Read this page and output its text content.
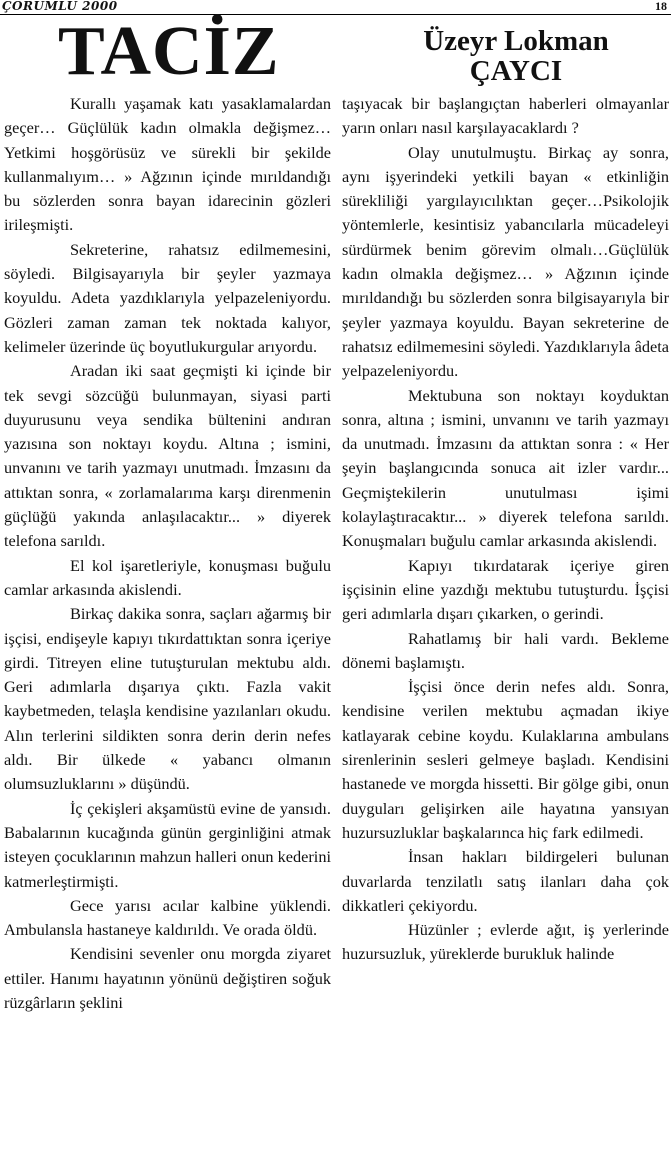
ÇORUMLU 2000	18
TACİZ	Üzeyr Lokman
ÇAYCI

Kurallı yaşamak katı yasaklamalardan geçer… Güçlülük kadın olmakla değişmez… Yetkimi hoşgörüsüz ve sürekli bir şekilde kullanmalıyım… » Ağzının içinde mırıldandığı bu sözlerden sonra bayan idarecinin gözleri irileşmişti.

Sekreterine, rahatsız edilmemesini, söyledi. Bilgisayarıyla bir şeyler yazmaya koyuldu. Adeta yazdıklarıyla yelpazeleniyordu. Gözleri zaman zaman tek noktada kalıyor, kelimeler üzerinde üç boyutlukurgular arıyordu.

Aradan iki saat geçmişti ki içinde bir tek sevgi sözcüğü bulunmayan, siyasi parti duyurusunu veya sendika bültenini andıran yazısına son noktayı koydu. Altına ; ismini, unvanını ve tarih yazmayı unutmadı. İmzasını da attıktan sonra, « zorlamalarıma karşı direnmenin güçlüğü yakında anlaşılacaktır... » diyerek telefona sarıldı.

El kol işaretleriyle, konuşması buğulu camlar arkasında akislendi.

Birkaç dakika sonra, saçları ağarmış bir işçisi, endişeyle kapıyı tıkırdattıktan sonra içeriye girdi. Titreyen eline tutuşturulan mektubu aldı. Geri adımlarla dışarıya çıktı. Fazla vakit kaybetmeden, telaşla kendisine yazılanları okudu. Alın terlerini sildikten sonra derin derin nefes aldı. Bir ülkede « yabancı olmanın olumsuzluklarını » düşündü.

İç çekişleri akşamüstü evine de yansıdı. Babalarının kucağında günün gerginliğini atmak isteyen çocuklarının mahzun halleri onun kederini katmerleştirmişti.

Gece yarısı acılar kalbine yüklendi. Ambulansla hastaneye kaldırıldı. Ve orada öldü.

Kendisini sevenler onu morgda ziyaret ettiler. Hanımı hayatının yönünü değiştiren soğuk rüzgârların şeklini

taşıyacak bir başlangıçtan haberleri olmayanlar yarın onları nasıl karşılayacaklardı ?

Olay unutulmuştu. Birkaç ay sonra, aynı işyerindeki yetkili bayan « etkinliğin sürekliliği yargılayıcılıktan geçer…Psikolojik yöntemlerle, kesintisiz yabancılarla mücadeleyi sürdürmek benim görevim olmalı…Güçlülük kadın olmakla değişmez… » Ağzının içinde mırıldandığı bu sözlerden sonra bilgisayarıyla bir şeyler yazmaya koyuldu. Bayan sekreterine de rahatsız edilmemesini söyledi. Yazdıklarıyla âdeta yelpazeleniyordu.

Mektubuna son noktayı koyduktan sonra, altına ; ismini, unvanını ve tarih yazmayı da unutmadı. İmzasını da attıktan sonra : « Her şeyin başlangıcında sonuca ait izler vardır... Geçmiştekilerin unutulması işimi kolaylaştıracaktır... » diyerek telefona sarıldı. Konuşmaları buğulu camlar arkasında akislendi.

Kapıyı tıkırdatarak içeriye giren işçisinin eline yazdığı mektubu tutuşturdu. İşçisi geri adımlarla dışarı çıkarken, o gerindi.

Rahatlamış bir hali vardı. Bekleme dönemi başlamıştı.

İşçisi önce derin nefes aldı. Sonra, kendisine verilen mektubu açmadan ikiye katlayarak cebine koydu. Kulaklarına ambulans sirenlerinin sesleri gelmeye başladı. Kendisini hastanede ve morgda hissetti. Bir gölge gibi, onun duyguları gelişirken aile hayatına yansıyan huzursuzluklar başkalarınca hiç fark edilmedi.

İnsan hakları bildirgeleri bulunan duvarlarda tenzilatlı satış ilanları daha çok dikkatleri çekiyordu.

Hüzünler ; evlerde ağıt, iş yerlerinde huzursuzluk, yüreklerde burukluk halinde
